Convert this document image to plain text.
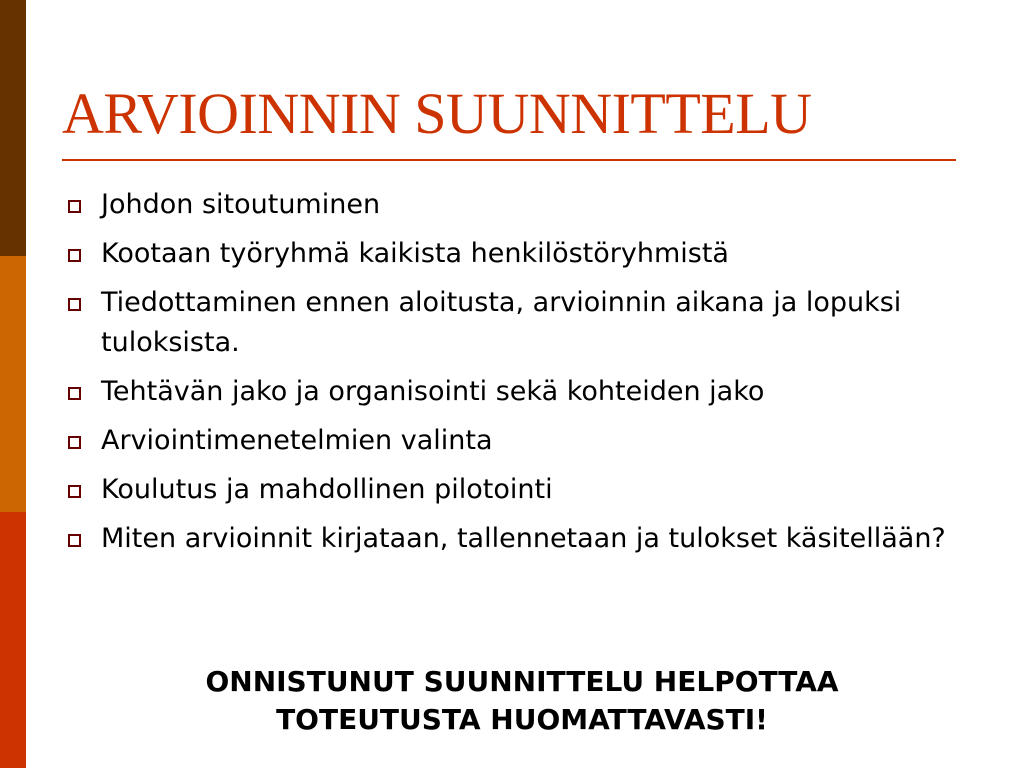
ARVIOINNIN SUUNNITTELU
Johdon sitoutuminen
Kootaan työryhmä kaikista henkilöstöryhmistä
Tiedottaminen ennen aloitusta, arvioinnin aikana ja lopuksi tuloksista.
Tehtävän jako ja organisointi sekä kohteiden jako
Arviointimenetelmien valinta
Koulutus ja mahdollinen pilotointi
Miten arvioinnit kirjataan, tallennetaan ja tulokset käsitellään?

ONNISTUNUT SUUNNITTELU HELPOTTAA
TOTEUTUSTA HUOMATTAVASTI!
